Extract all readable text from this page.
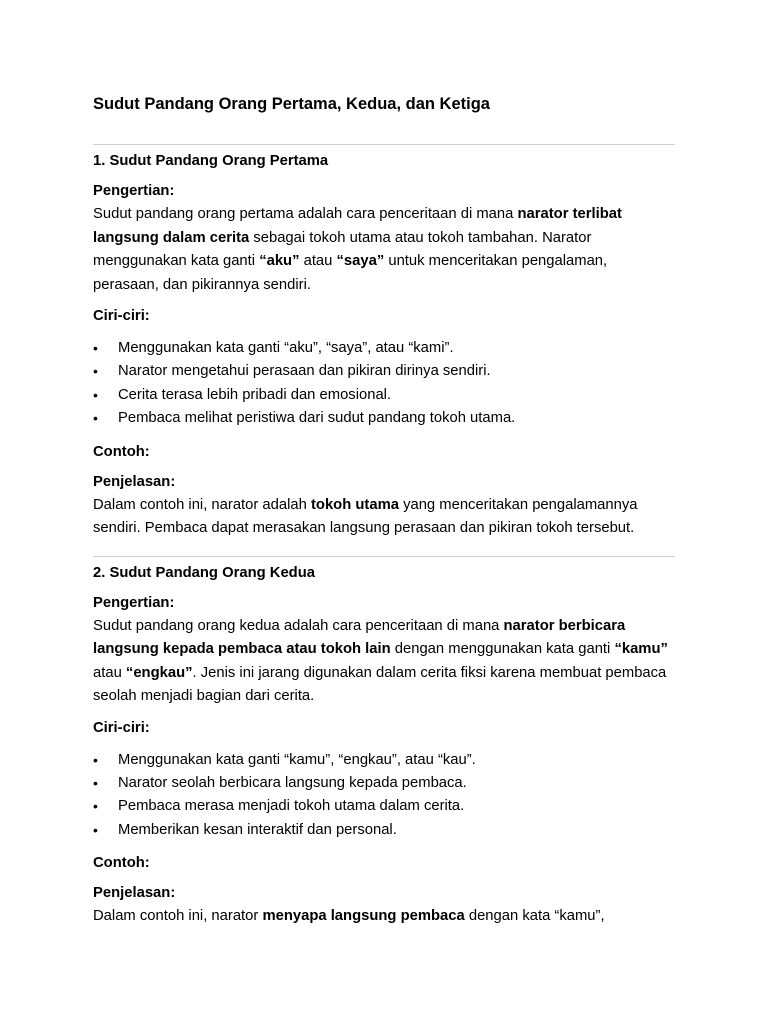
Sudut Pandang Orang Pertama, Kedua, dan Ketiga
1. Sudut Pandang Orang Pertama
Pengertian:

Sudut pandang orang pertama adalah cara penceritaan di mana narator terlibat langsung dalam cerita sebagai tokoh utama atau tokoh tambahan. Narator menggunakan kata ganti “aku” atau “saya” untuk menceritakan pengalaman, perasaan, dan pikirannya sendiri.

Ciri-ciri:
• Menggunakan kata ganti “aku”, “saya”, atau “kami”.
• Narator mengetahui perasaan dan pikiran dirinya sendiri.
• Cerita terasa lebih pribadi dan emosional.
• Pembaca melihat peristiwa dari sudut pandang tokoh utama.
Contoh:
Penjelasan:

Dalam contoh ini, narator adalah tokoh utama yang menceritakan pengalamannya sendiri. Pembaca dapat merasakan langsung perasaan dan pikiran tokoh tersebut.

2. Sudut Pandang Orang Kedua
Pengertian:

Sudut pandang orang kedua adalah cara penceritaan di mana narator berbicara langsung kepada pembaca atau tokoh lain dengan menggunakan kata ganti “kamu” atau “engkau”. Jenis ini jarang digunakan dalam cerita fiksi karena membuat pembaca seolah menjadi bagian dari cerita.

Ciri-ciri:
• Menggunakan kata ganti “kamu”, “engkau”, atau “kau”.
• Narator seolah berbicara langsung kepada pembaca.
• Pembaca merasa menjadi tokoh utama dalam cerita.
• Memberikan kesan interaktif dan personal.
Contoh:
Penjelasan:

Dalam contoh ini, narator menyapa langsung pembaca dengan kata “kamu”,
